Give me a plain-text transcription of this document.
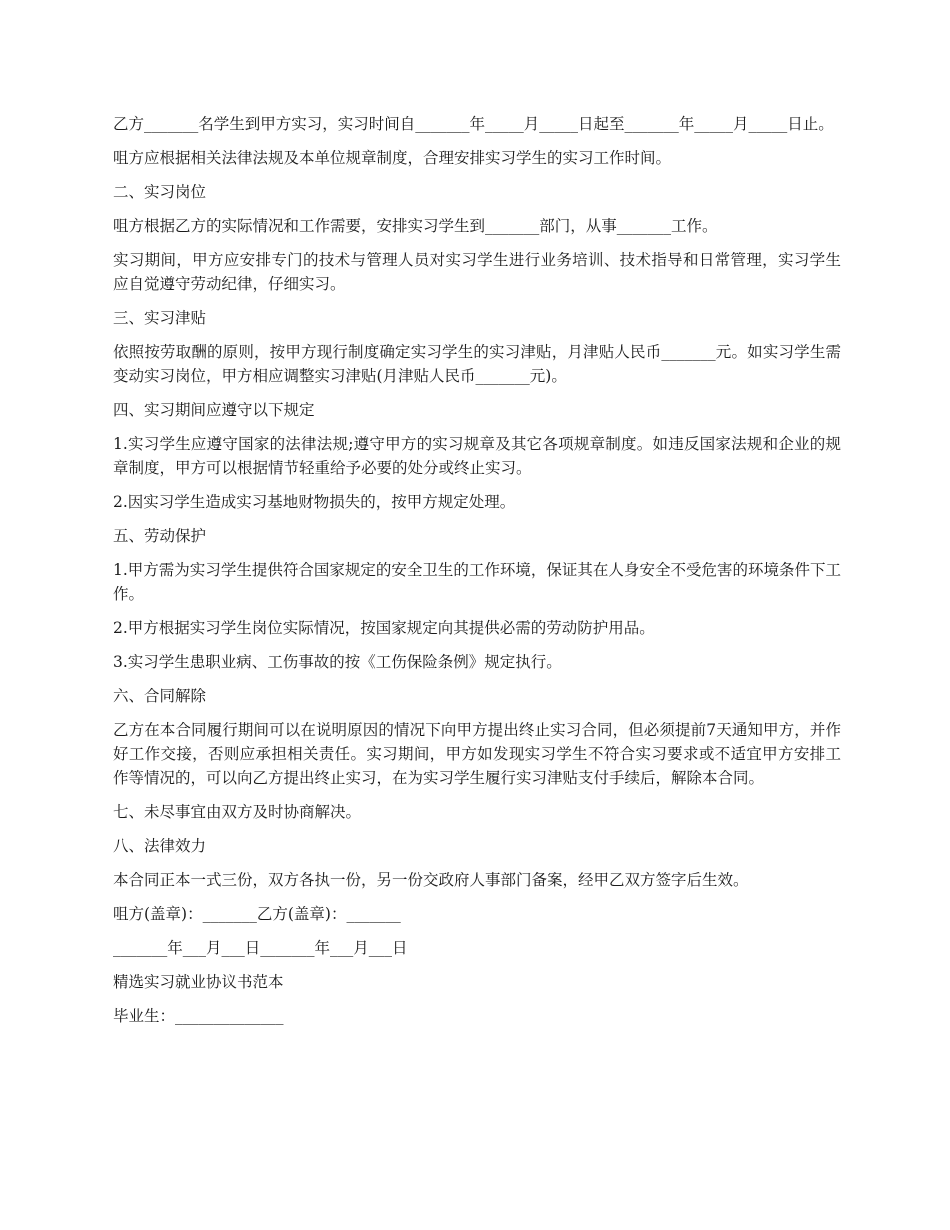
乙方_______名学生到甲方实习，实习时间自_______年_____月_____日起至_______年_____月_____日止。

咀方应根据相关法律法规及本单位规章制度，合理安排实习学生的实习工作时间。

二、实习岗位

咀方根据乙方的实际情况和工作需要，安排实习学生到_______部门，从事_______工作。

实习期间，甲方应安排专门的技术与管理人员对实习学生进行业务培训、技术指导和日常管理，实习学生应自觉遵守劳动纪律，仔细实习。

三、实习津贴

依照按劳取酬的原则，按甲方现行制度确定实习学生的实习津贴，月津贴人民币_______元。如实习学生需变动实习岗位，甲方相应调整实习津贴(月津贴人民币_______元)。

四、实习期间应遵守以下规定

1.实习学生应遵守国家的法律法规;遵守甲方的实习规章及其它各项规章制度。如违反国家法规和企业的规章制度，甲方可以根据情节轻重给予必要的处分或终止实习。

2.因实习学生造成实习基地财物损失的，按甲方规定处理。

五、劳动保护

1.甲方需为实习学生提供符合国家规定的安全卫生的工作环境，保证其在人身安全不受危害的环境条件下工作。

2.甲方根据实习学生岗位实际情况，按国家规定向其提供必需的劳动防护用品。

3.实习学生患职业病、工伤事故的按《工伤保险条例》规定执行。

六、合同解除

乙方在本合同履行期间可以在说明原因的情况下向甲方提出终止实习合同，但必须提前7天通知甲方，并作好工作交接，否则应承担相关责任。实习期间，甲方如发现实习学生不符合实习要求或不适宜甲方安排工作等情况的，可以向乙方提出终止实习，在为实习学生履行实习津贴支付手续后，解除本合同。

七、未尽事宜由双方及时协商解决。

八、法律效力

本合同正本一式三份，双方各执一份，另一份交政府人事部门备案，经甲乙双方签字后生效。

咀方(盖章)：_______乙方(盖章)：_______

_______年___月___日_______年___月___日

精选实习就业协议书范本

毕业生：______________
